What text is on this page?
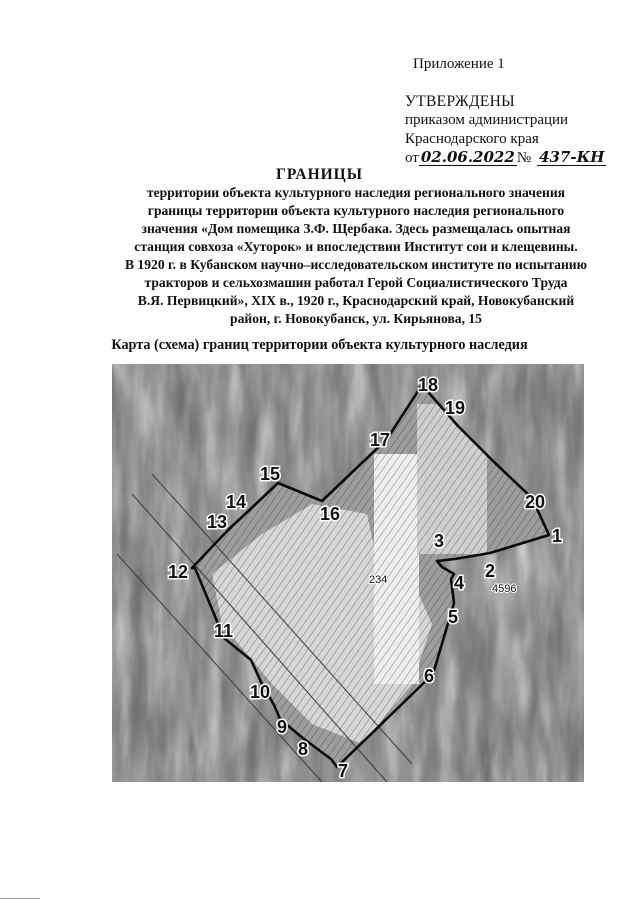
Приложение 1
УТВЕРЖДЕНЫ
приказом администрации
Краснодарского края
от 02.06.2022 № 437-КН
ГРАНИЦЫ
территории объекта культурного наследия регионального значения
границы территории объекта культурного наследия регионального
значения «Дом помещика З.Ф. Щербака. Здесь размещалась опытная
станция совхоза «Хуторок» и впоследствии Институт сои и клещевины.
В 1920 г. в Кубанском научно–исследовательском институте по испытанию
тракторов и сельхозмашин работал Герой Социалистического Труда
В.Я. Первицкий», XIX в., 1920 г., Краснодарский край, Новокубанский
район, г. Новокубанск, ул. Кирьянова, 15
Карта (схема) границ территории объекта культурного наследия
1
2
3
4
5
6
7
8
9
10
11
12
13
14
15
16
17
18
19
20
4596
234
